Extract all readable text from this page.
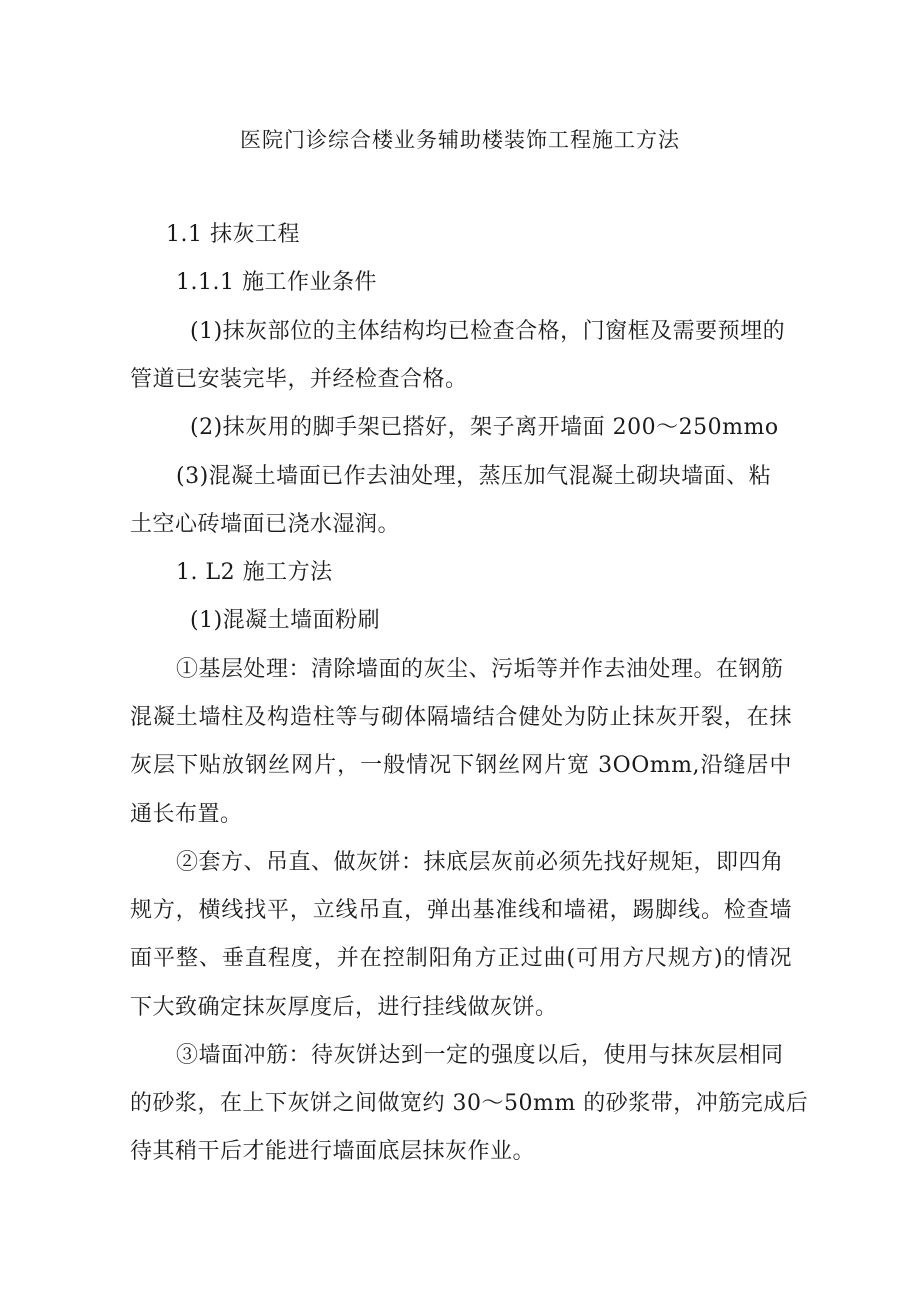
医院门诊综合楼业务辅助楼装饰工程施工方法
1.1 抹灰工程
1.1.1 施工作业条件
(1)抹灰部位的主体结构均已检查合格，门窗框及需要预埋的
管道已安装完毕，并经检查合格。
(2)抹灰用的脚手架已搭好，架子离开墙面 200～250mmo
(3)混凝土墙面已作去油处理，蒸压加气混凝土砌块墙面、粘
土空心砖墙面已浇水湿润。
1. L2 施工方法
(1)混凝土墙面粉刷
①基层处理：清除墙面的灰尘、污垢等并作去油处理。在钢筋
混凝土墙柱及构造柱等与砌体隔墙结合健处为防止抹灰开裂，在抹
灰层下贴放钢丝网片，一般情况下钢丝网片宽 3OOmm,沿缝居中
通长布置。
②套方、吊直、做灰饼：抹底层灰前必须先找好规矩，即四角
规方，横线找平，立线吊直，弹出基准线和墙裙，踢脚线。检查墙
面平整、垂直程度，并在控制阳角方正过曲(可用方尺规方)的情况
下大致确定抹灰厚度后，进行挂线做灰饼。
③墙面冲筋：待灰饼达到一定的强度以后，使用与抹灰层相同
的砂浆，在上下灰饼之间做宽约 30～50mm 的砂浆带，冲筋完成后
待其稍干后才能进行墙面底层抹灰作业。
